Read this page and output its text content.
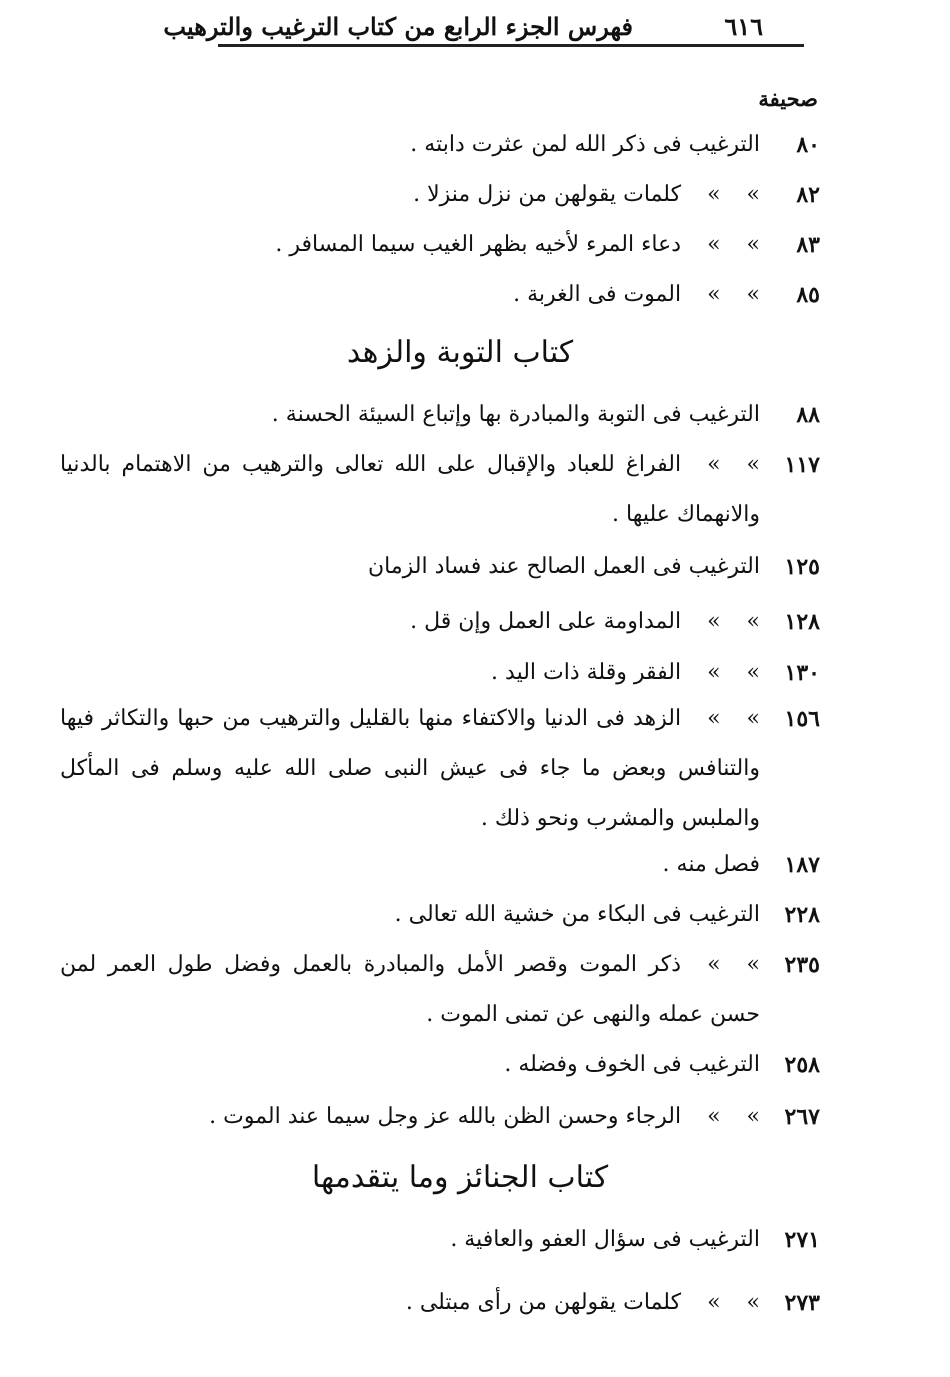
٦١٦
فهرس الجزء الرابع من كتاب الترغيب والترهيب
صحيفة
٨٠
الترغيب فى ذكر الله لمن عثرت دابته .
٨٢
»»كلمات يقولهن من نزل منزلا .
٨٣
»»دعاء المرء لأخيه بظهر الغيب سيما المسافر .
٨٥
»»الموت فى الغربة .
كتاب التوبة والزهد
٨٨
الترغيب فى التوبة والمبادرة بها وإتباع السيئة الحسنة .
١١٧
»»الفراغ للعباد والإقبال على الله تعالى والترهيب من الاهتمام بالدنيا والانهماك عليها .
١٢٥
الترغيب فى العمل الصالح عند فساد الزمان
١٢٨
»»المداومة على العمل وإن قل .
١٣٠
»»الفقر وقلة ذات اليد .
١٥٦
»»الزهد فى الدنيا والاكتفاء منها بالقليل والترهيب من حبها والتكاثر فيها والتنافس وبعض ما جاء فى عيش النبى صلى الله عليه وسلم فى المأكل والملبس والمشرب ونحو ذلك .
١٨٧
فصل منه .
٢٢٨
الترغيب فى البكاء من خشية الله تعالى .
٢٣٥
»»ذكر الموت وقصر الأمل والمبادرة بالعمل وفضل طول العمر لمن حسن عمله والنهى عن تمنى الموت .
٢٥٨
الترغيب فى الخوف وفضله .
٢٦٧
»»الرجاء وحسن الظن بالله عز وجل سيما عند الموت .
كتاب الجنائز وما يتقدمها
٢٧١
الترغيب فى سؤال العفو والعافية .
٢٧٣
»»كلمات يقولهن من رأى مبتلى .
